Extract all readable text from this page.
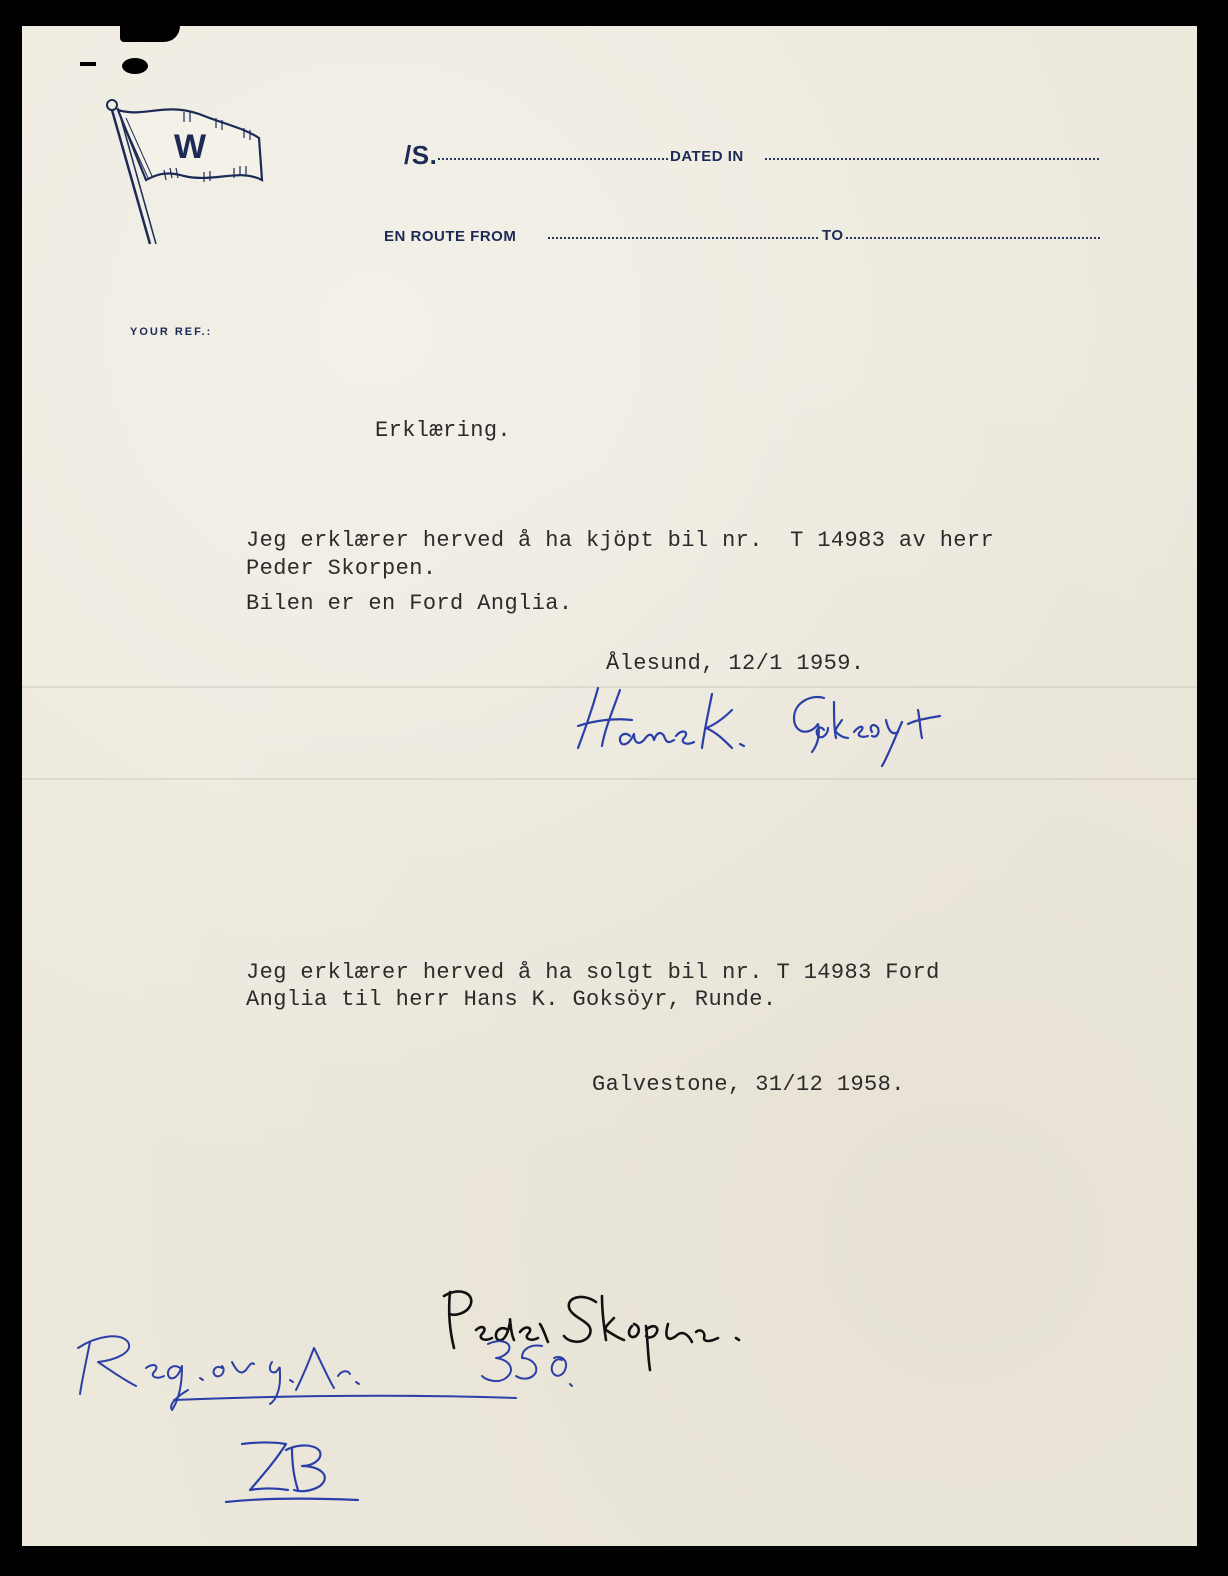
W	/S.	DATED IN
EN ROUTE FROM	TO
YOUR REF.:
Erklæring.
Jeg erklærer herved å ha kjöpt bil nr.  T 14983 av herr
Peder Skorpen.
Bilen er en Ford Anglia.
Ålesund, 12/1 1959.
Jeg erklærer herved å ha solgt bil nr. T 14983 Ford
Anglia til herr Hans K. Goksöyr, Runde.
Galvestone, 31/12 1958.
